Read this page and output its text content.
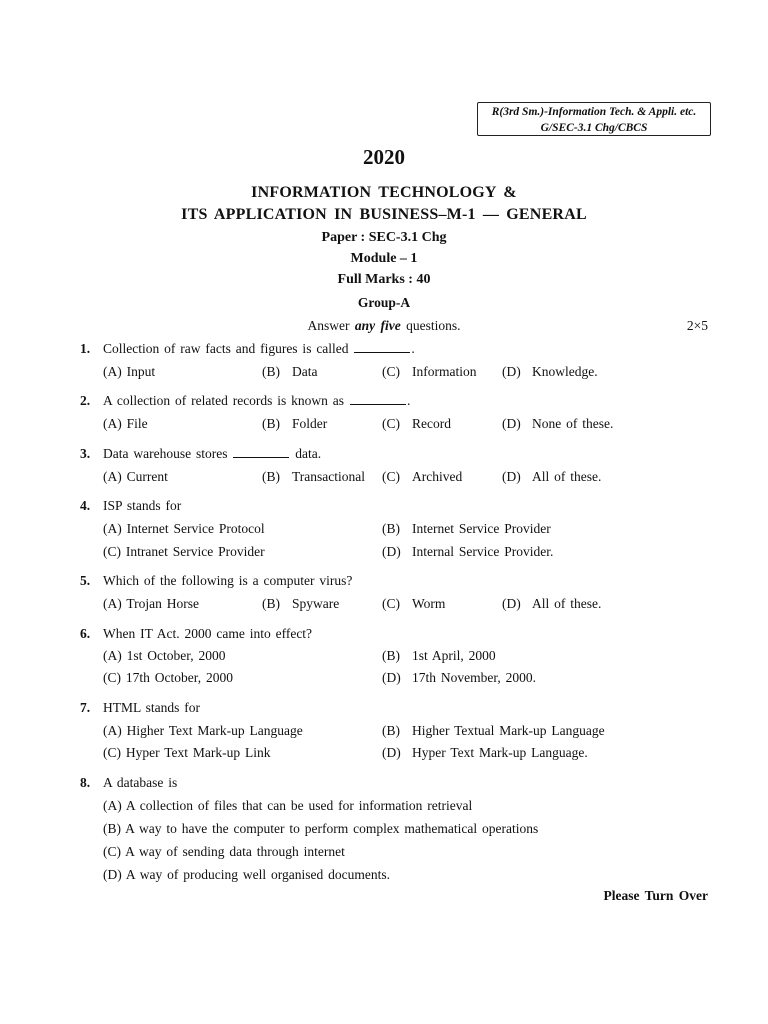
R(3rd Sm.)-Information Tech. & Appli. etc.
G/SEC-3.1 Chg/CBCS
2020
INFORMATION TECHNOLOGY &
ITS APPLICATION IN BUSINESS–M-1 — GENERAL
Paper : SEC-3.1 Chg
Module – 1
Full Marks : 40
Group-A
Answer any five questions.	2×5
1. Collection of raw facts and figures is called	.
(A) Input	(B) Data	(C) Information (D) Knowledge.
2. A collection of related records is known as	.
(A) File	(B) Folder	(C) Record	(D) None of these.
3. Data warehouse stores	data.
(A) Current	(B) Transactional (C) Archived	(D) All of these.
4. ISP stands for
(A) Internet Service Protocol	(B) Internet Service Provider
(C) Intranet Service Provider	(D) Internal Service Provider.
5. Which of the following is a computer virus?
(A) Trojan Horse	(B) Spyware	(C) Worm	(D) All of these.
6. When IT Act. 2000 came into effect?
(A) 1st October, 2000	(B) 1st April, 2000
(C) 17th October, 2000	(D) 17th November, 2000.
7. HTML stands for
(A) Higher Text Mark-up Language	(B) Higher Textual Mark-up Language
(C) Hyper Text Mark-up Link	(D) Hyper Text Mark-up Language.
8. A database is
(A) A collection of files that can be used for information retrieval
(B) A way to have the computer to perform complex mathematical operations
(C) A way of sending data through internet
(D) A way of producing well organised documents.
Please Turn Over
